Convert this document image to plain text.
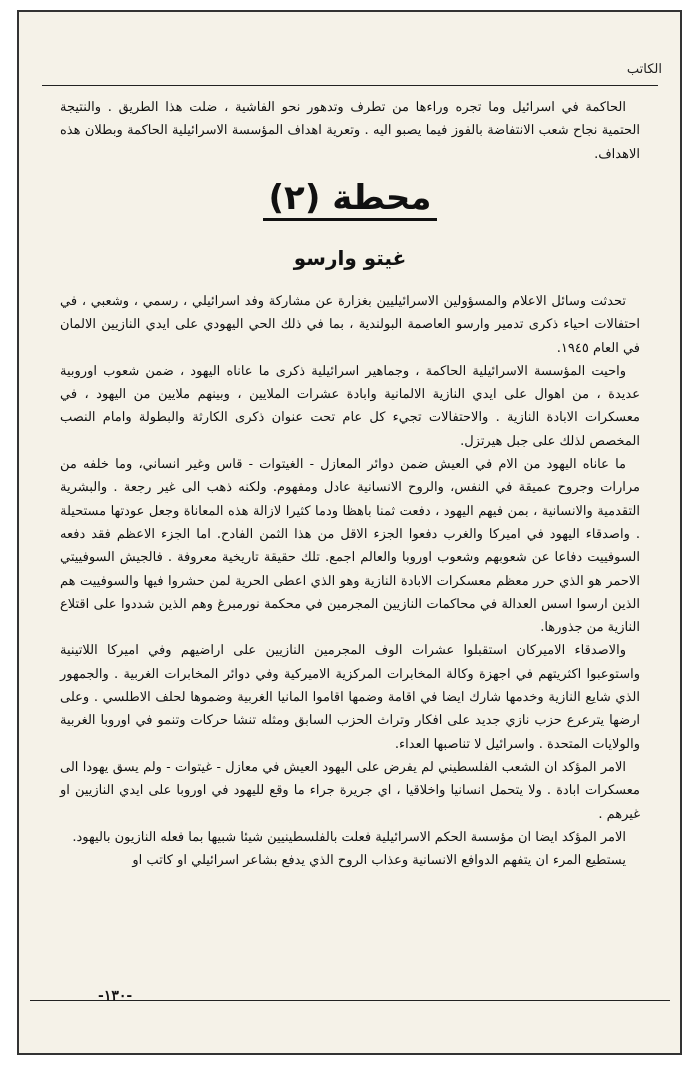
الكاتب

الحاكمة في اسرائيل وما تجره وراءها من تطرف وتدهور نحو الفاشية ، ضلت هذا الطريق . والنتيجة الحتمية نجاح شعب الانتفاضة بالفوز فيما يصبو اليه . وتعرية اهداف المؤسسة الاسرائيلية الحاكمة وبطلان هذه الاهداف.

محطة (٢)
غيتو وارسو

تحدثت وسائل الاعلام والمسؤولين الاسرائيليين بغزارة عن مشاركة وفد اسرائيلي ، رسمي ، وشعبي ، في احتفالات احياء ذكرى تدمير وارسو العاصمة البولندية ، بما في ذلك الحي اليهودي على ايدي النازيين الالمان في العام ١٩٤٥.

واحيت المؤسسة الاسرائيلية الحاكمة ، وجماهير اسرائيلية ذكرى ما عاناه اليهود ، ضمن شعوب اوروبية عديدة ، من اهوال على ايدي النازية الالمانية وابادة عشرات الملايين ، وبينهم ملايين من اليهود ، في معسكرات الابادة النازية . والاحتفالات تجيء كل عام تحت عنوان ذكرى الكارثة والبطولة وامام النصب المخصص لذلك على جبل هيرتزل.

ما عاناه اليهود من الام في العيش ضمن دوائر المعازل - الغيتوات - قاس وغير انساني، وما خلفه من مرارات وجروح عميقة في النفس، والروح الانسانية عادل ومفهوم. ولكنه ذهب الى غير رجعة . والبشرية التقدمية والانسانية ، بمن فيهم اليهود ، دفعت ثمنا باهظا ودما كثيرا لازالة هذه المعاناة وجعل عودتها مستحيلة . واصدقاء اليهود في اميركا والغرب دفعوا الجزء الاقل من هذا الثمن الفادح. اما الجزء الاعظم فقد دفعه السوفييت دفاعا عن شعوبهم وشعوب اوروبا والعالم اجمع. تلك حقيقة تاريخية معروفة . فالجيش السوفييتي الاحمر هو الذي حرر معظم معسكرات الابادة النازية وهو الذي اعطى الحرية لمن حشروا فيها والسوفييت هم الذين ارسوا اسس العدالة في محاكمات النازيين المجرمين في محكمة نورمبرغ وهم الذين شددوا على اقتلاع النازية من جذورها.

والاصدقاء الاميركان استقبلوا عشرات الوف المجرمين النازيين على اراضيهم وفي اميركا اللاتينية واستوعبوا اكثريتهم في اجهزة وكالة المخابرات المركزية الاميركية وفي دوائر المخابرات الغربية . والجمهور الذي شايع النازية وخدمها شارك ايضا في اقامة وضمها اقاموا المانيا الغربية وضموها لحلف الاطلسي . وعلى ارضها يترعرع حزب نازي جديد على افكار وتراث الحزب السابق ومثله تنشا حركات وتنمو في اوروبا الغربية والولايات المتحدة . واسرائيل لا تناصبها العداء.

الامر المؤكد ان الشعب الفلسطيني لم يفرض على اليهود العيش في معازل - غيتوات - ولم يسق يهودا الى معسكرات ابادة . ولا يتحمل انسانيا واخلاقيا ، اي جريرة جراء ما وقع لليهود في اوروبا على ايدي النازيين او غيرهم .

الامر المؤكد ايضا ان مؤسسة الحكم الاسرائيلية فعلت بالفلسطينيين شيئا شبيها بما فعله النازيون باليهود.

يستطيع المرء ان يتفهم الدوافع الانسانية وعذاب الروح الذي يدفع بشاعر اسرائيلي او كاتب او

-١٣٠-
